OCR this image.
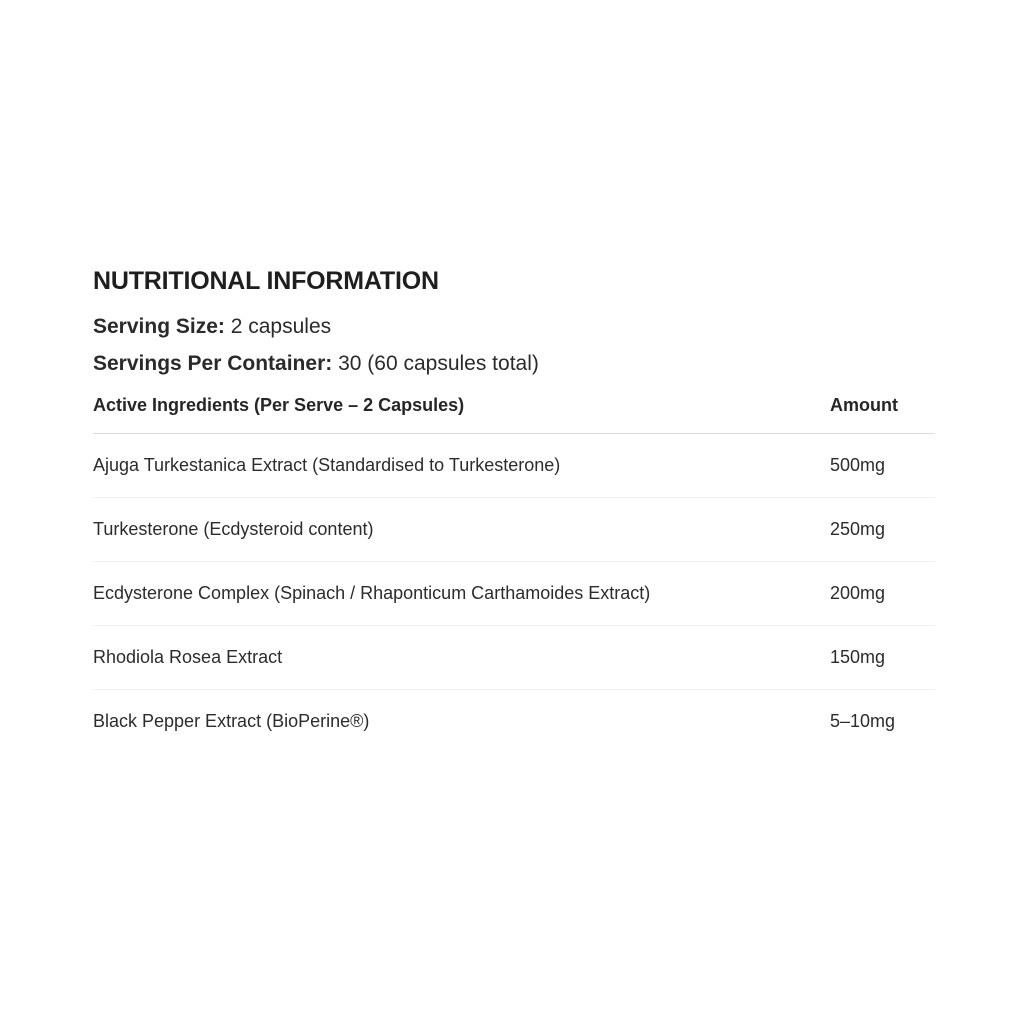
NUTRITIONAL INFORMATION
Serving Size: 2 capsules
Servings Per Container: 30 (60 capsules total)
Active Ingredients (Per Serve – 2 Capsules)	Amount
Ajuga Turkestanica Extract (Standardised to Turkesterone)	500mg
Turkesterone (Ecdysteroid content)	250mg
Ecdysterone Complex (Spinach / Rhaponticum Carthamoides Extract)	200mg
Rhodiola Rosea Extract	150mg
Black Pepper Extract (BioPerine®)	5–10mg
